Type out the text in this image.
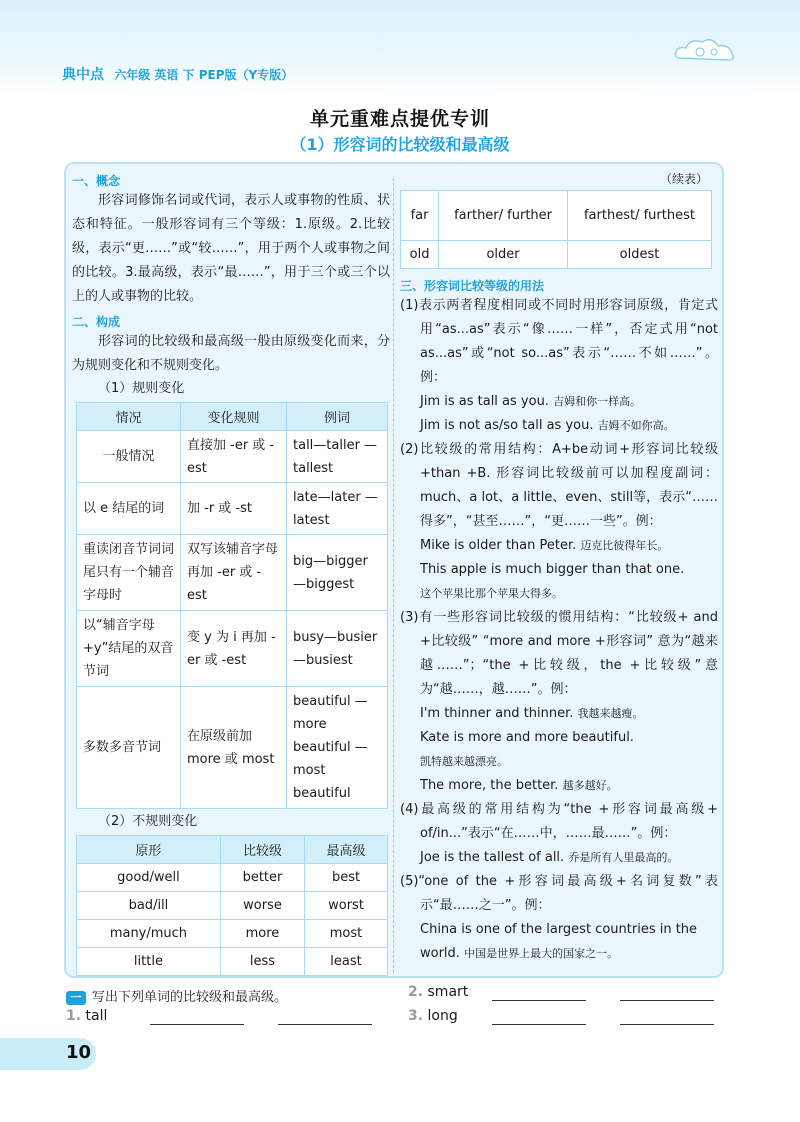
典中点 六年级 英语 下 PEP版（Y专版）
单元重难点提优专训
（1）形容词的比较级和最高级
一、概念
形容词修饰名词或代词，表示人或事物的性质、状态和特征。一般形容词有三个等级：1.原级。2.比较级，表示“更……”或“较……”，用于两个人或事物之间的比较。3.最高级，表示“最……”，用于三个或三个以上的人或事物的比较。
二、构成
形容词的比较级和最高级一般由原级变化而来，分为规则变化和不规则变化。
（1）规则变化
情况	变化规则	例词
一般情况	直接加 -er 或 -est	tall—taller —tallest
以 e 结尾的词	加 -r 或 -st	late—later —latest
重读闭音节词词尾只有一个辅音字母时	双写该辅音字母再加 -er 或 -est	big—bigger —biggest
以“辅音字母+y”结尾的双音节词	变 y 为 i 再加 -er 或 -est	busy—busier —busiest
多数多音节词	在原级前加 more 或 most	beautiful —more beautiful —most beautiful
（2）不规则变化
原形	比较级	最高级
good/well	better	best
bad/ill	worse	worst
many/much	more	most
little	less	least
（续表）
far	farther/ further	farthest/ furthest
old	older	oldest
三、形容词比较等级的用法
(1)表示两者程度相同或不同时用形容词原级，肯定式用“as...as”表示“像……一样”，否定式用“not as...as”或“not so...as”表示“……不如……”。例：
Jim is as tall as you. 吉姆和你一样高。
Jim is not as/so tall as you. 吉姆不如你高。
(2)比较级的常用结构：A+be动词+形容词比较级+than +B. 形容词比较级前可以加程度副词：much、a lot、a little、even、still等，表示“……得多”，“甚至……”，“更……一些”。例：
Mike is older than Peter. 迈克比彼得年长。
This apple is much bigger than that one.
这个苹果比那个苹果大得多。
(3)有一些形容词比较级的惯用结构：“比较级+ and +比较级” “more and more +形容词” 意为“越来越……”；“the +比较级，the +比较级”意为“越……，越……”。例：
I'm thinner and thinner. 我越来越瘦。
Kate is more and more beautiful.
凯特越来越漂亮。
The more, the better. 越多越好。
(4)最高级的常用结构为“the +形容词最高级+ of/in...”表示“在……中，……最……”。例：
Joe is the tallest of all. 乔是所有人里最高的。
(5)“one of the +形容词最高级+名词复数”表示“最……之一”。例：
China is one of the largest countries in the world. 中国是世界上最大的国家之一。
一 写出下列单词的比较级和最高级。
1. tall
2. smart
3. long
10
